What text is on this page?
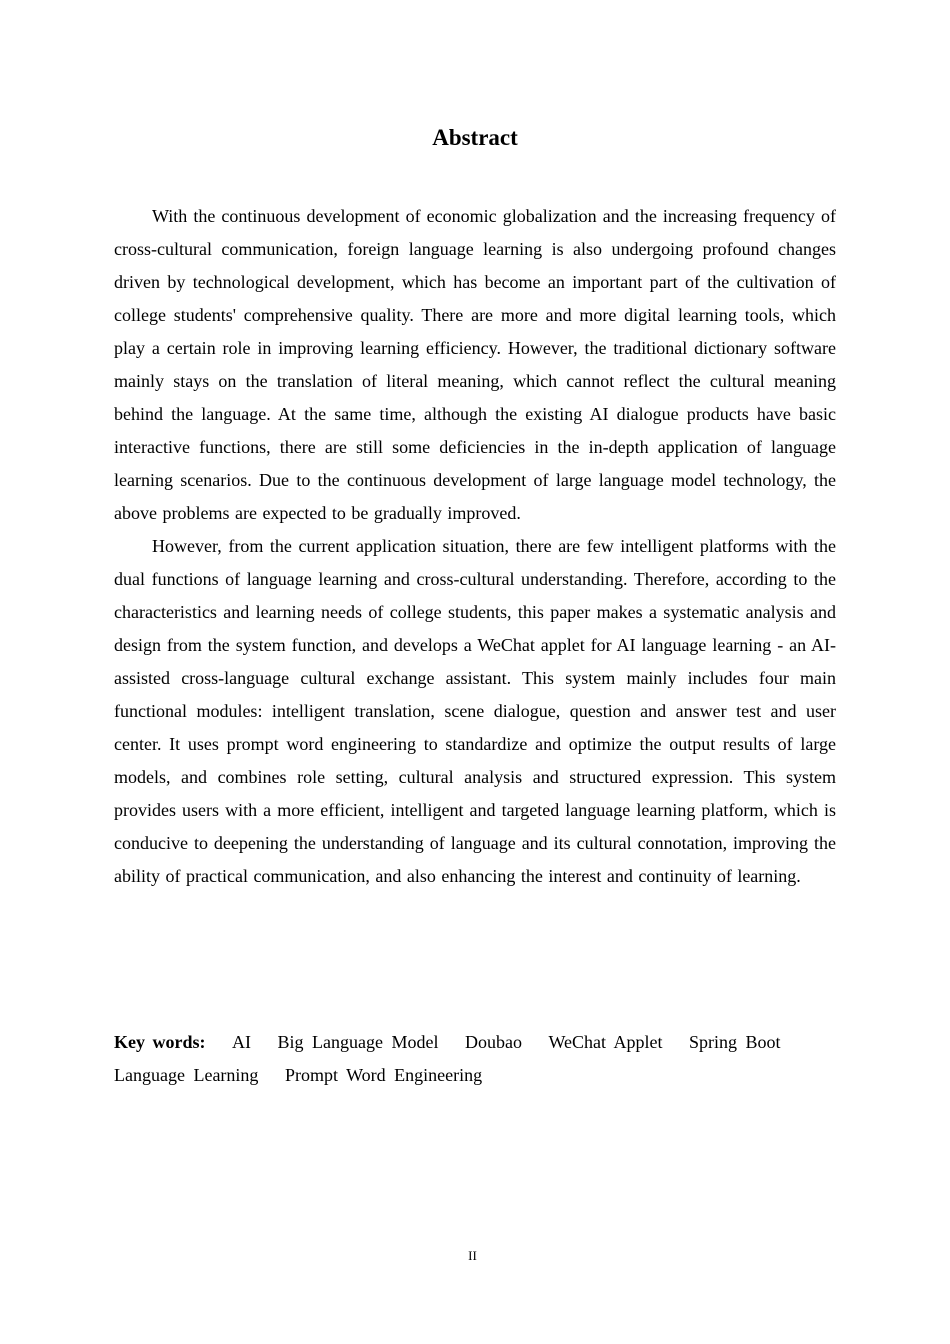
Abstract

With the continuous development of economic globalization and the increasing frequency of cross-cultural communication, foreign language learning is also undergoing profound changes driven by technological development, which has become an important part of the cultivation of college students' comprehensive quality. There are more and more digital learning tools, which play a certain role in improving learning efficiency. However, the traditional dictionary software mainly stays on the translation of literal meaning, which cannot reflect the cultural meaning behind the language. At the same time, although the existing AI dialogue products have basic interactive functions, there are still some deficiencies in the in-depth application of language learning scenarios. Due to the continuous development of large language model technology, the above problems are expected to be gradually improved.

However, from the current application situation, there are few intelligent platforms with the dual functions of language learning and cross-cultural understanding. Therefore, according to the characteristics and learning needs of college students, this paper makes a systematic analysis and design from the system function, and develops a WeChat applet for AI language learning - an AI-assisted cross-language cultural exchange assistant. This system mainly includes four main functional modules: intelligent translation, scene dialogue, question and answer test and user center. It uses prompt word engineering to standardize and optimize the output results of large models, and combines role setting, cultural analysis and structured expression. This system provides users with a more efficient, intelligent and targeted language learning platform, which is conducive to deepening the understanding of language and its cultural connotation, improving the ability of practical communication, and also enhancing the interest and continuity of learning.

Key words: AI Big Language Model Doubao WeChat Applet Spring Boot Language Learning Prompt Word Engineering

II
